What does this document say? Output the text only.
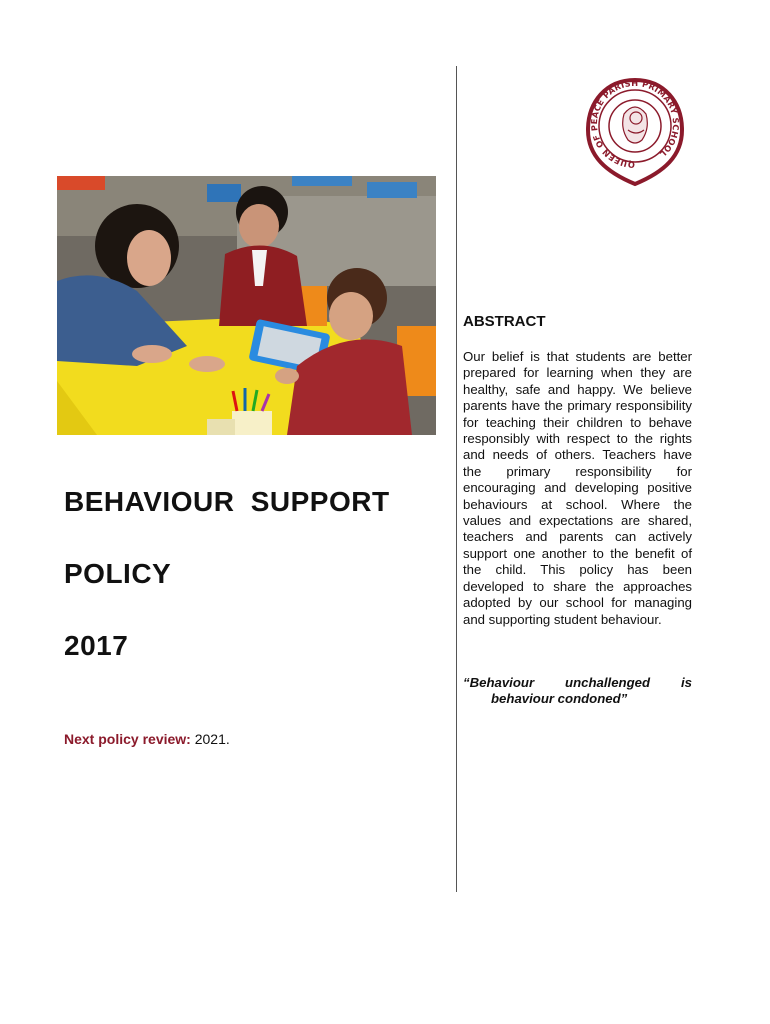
BEHAVIOUR SUPPORT
POLICY
2017
Next policy review: 2021.
QUEEN OF PEACE PARISH PRIMARY SCHOOL
ABSTRACT
Our belief is that students are better prepared for learning when they are healthy, safe and happy. We believe parents have the primary responsibility for teaching their children to behave responsibly with respect to the rights and needs of others. Teachers have the primary responsibility for encouraging and developing positive behaviours at school. Where the values and expectations are shared, teachers and parents can actively support one another to the benefit of the child. This policy has been developed to share the approaches adopted by our school for managing and supporting student behaviour.
“Behaviour unchallenged is
behaviour condoned”
